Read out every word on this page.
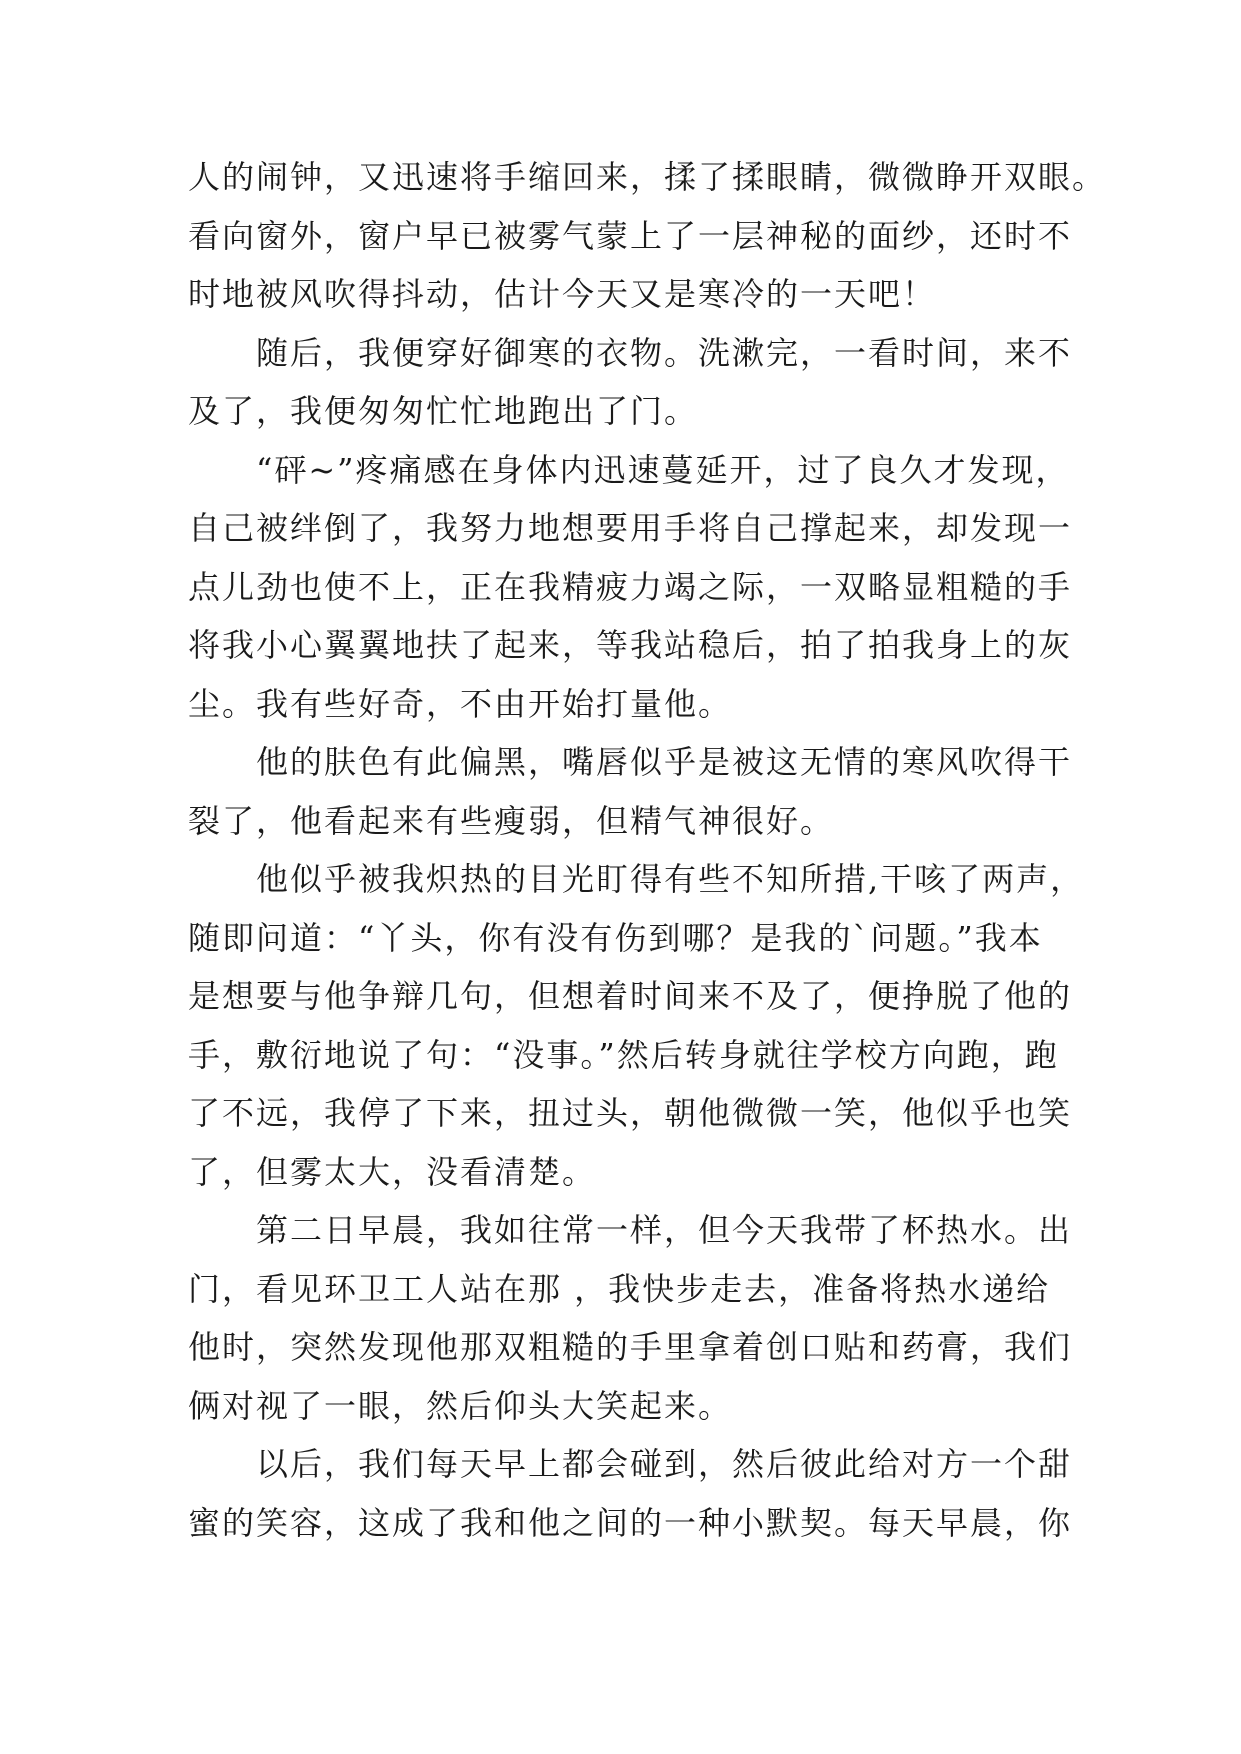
人的闹钟，又迅速将手缩回来，揉了揉眼睛，微微睁开双眼。
看向窗外，窗户早已被雾气蒙上了一层神秘的面纱，还时不
时地被风吹得抖动，估计今天又是寒冷的一天吧！
随后，我便穿好御寒的衣物。洗漱完，一看时间，来不
及了，我便匆匆忙忙地跑出了门。
“砰~”疼痛感在身体内迅速蔓延开，过了良久才发现，
自己被绊倒了，我努力地想要用手将自己撑起来，却发现一
点儿劲也使不上，正在我精疲力竭之际，一双略显粗糙的手
将我小心翼翼地扶了起来，等我站稳后，拍了拍我身上的灰
尘。我有些好奇，不由开始打量他。
他的肤色有此偏黑，嘴唇似乎是被这无情的寒风吹得干
裂了，他看起来有些瘦弱，但精气神很好。
他似乎被我炽热的目光盯得有些不知所措,干咳了两声，
随即问道：“丫头，你有没有伤到哪？是我的`问题。”我本
是想要与他争辩几句，但想着时间来不及了，便挣脱了他的
手，敷衍地说了句：“没事。”然后转身就往学校方向跑，跑
了不远，我停了下来，扭过头，朝他微微一笑，他似乎也笑
了，但雾太大，没看清楚。
第二日早晨，我如往常一样，但今天我带了杯热水。出
门，看见环卫工人站在那 ，我快步走去，准备将热水递给
他时，突然发现他那双粗糙的手里拿着创口贴和药膏，我们
俩对视了一眼，然后仰头大笑起来。
以后，我们每天早上都会碰到，然后彼此给对方一个甜
蜜的笑容，这成了我和他之间的一种小默契。每天早晨，你
